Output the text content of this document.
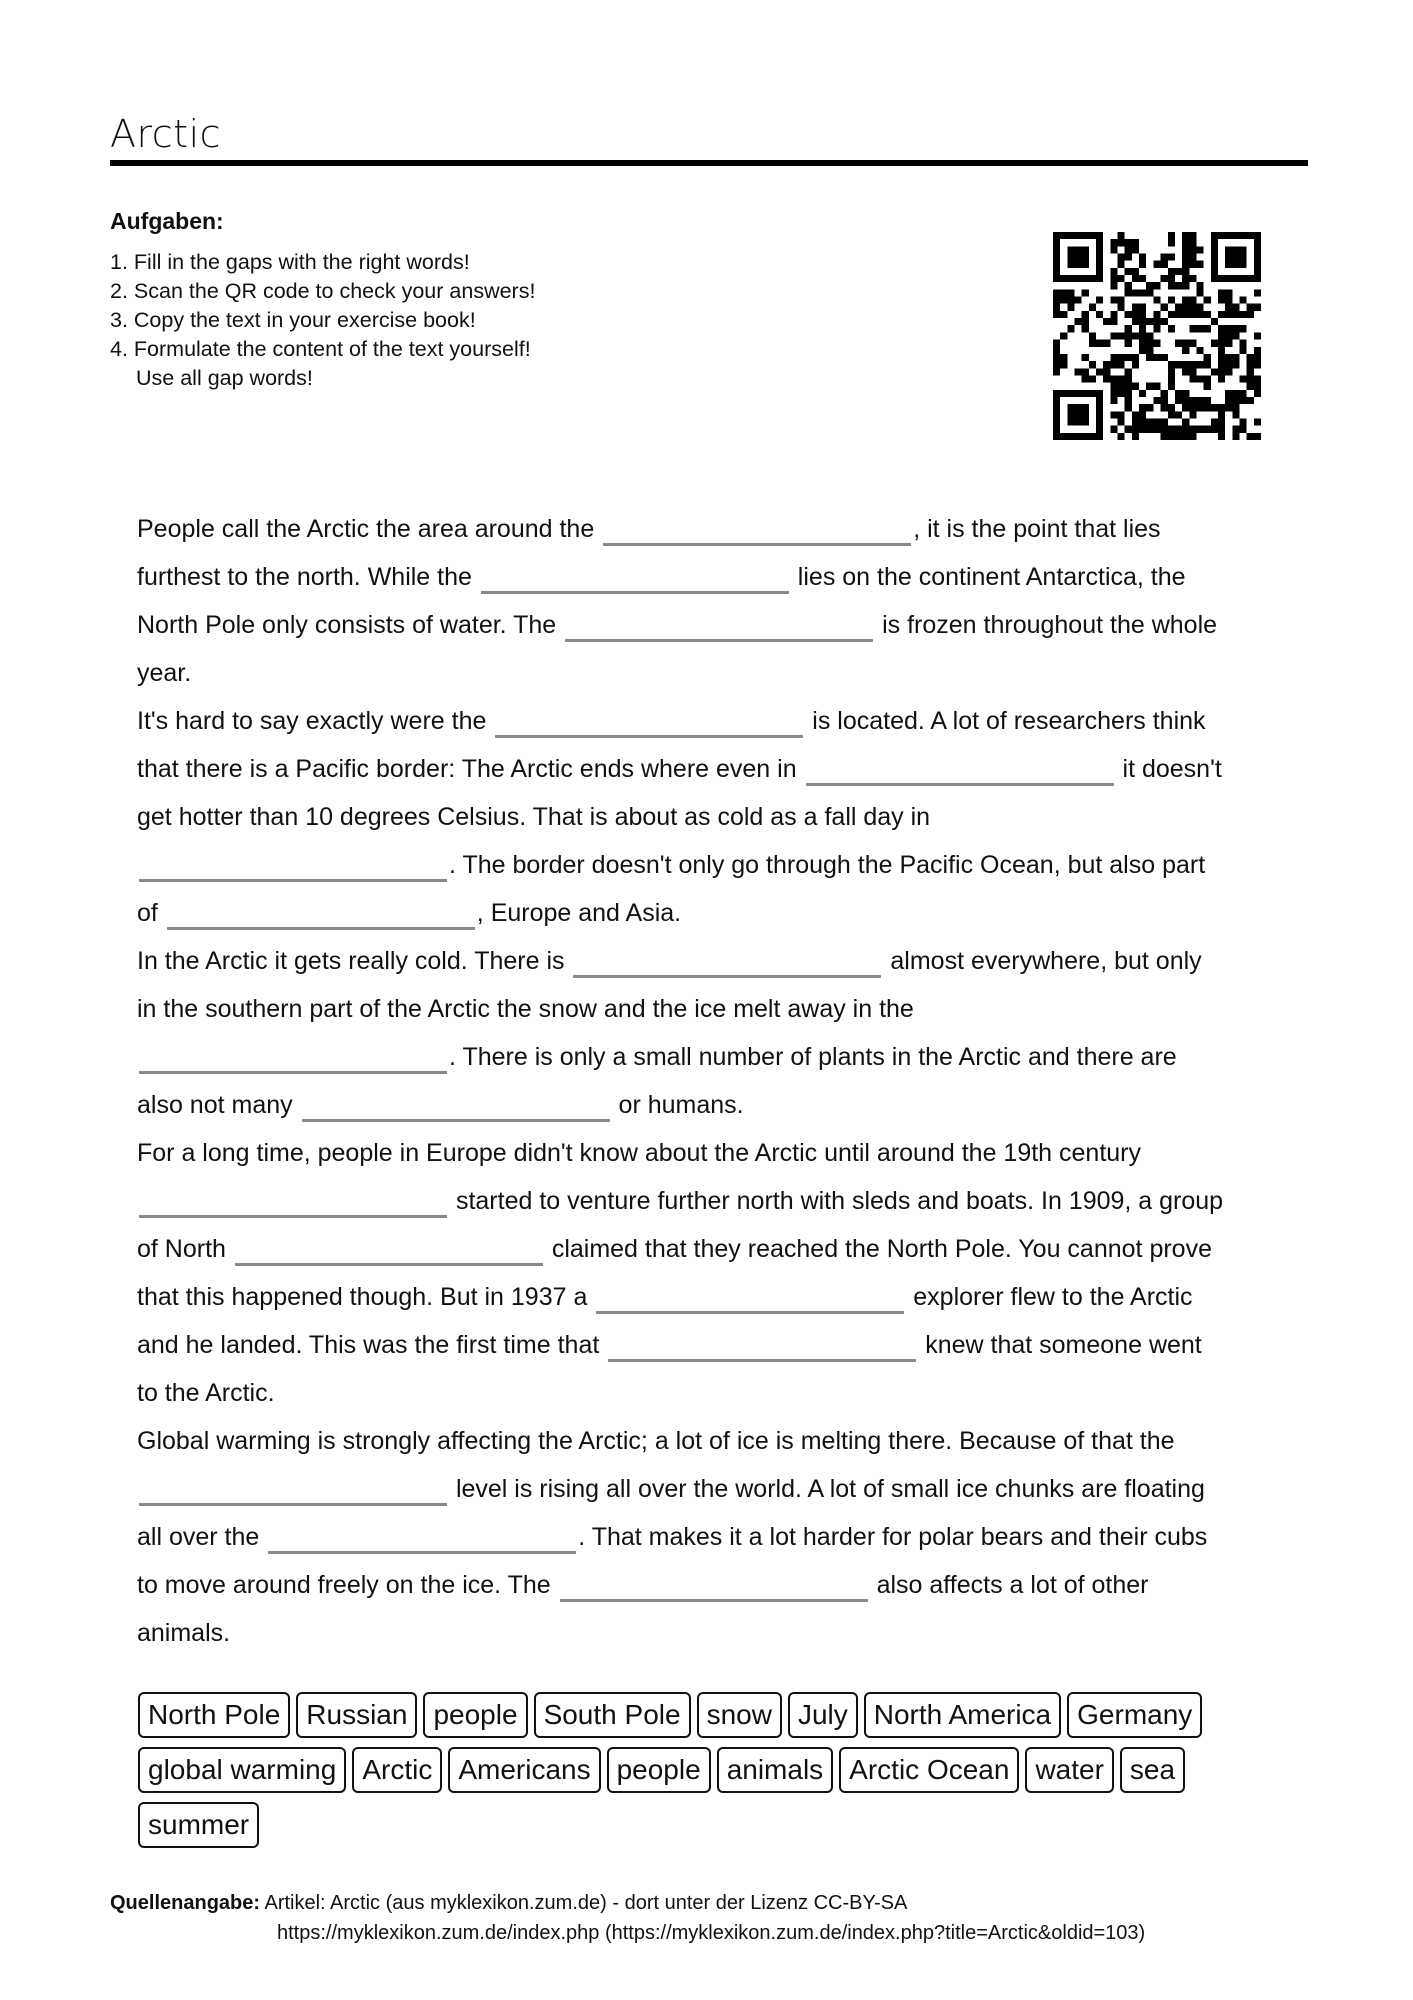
Arctic
Aufgaben:
1. Fill in the gaps with the right words!
2. Scan the QR code to check your answers!
3. Copy the text in your exercise book!
4. Formulate the content of the text yourself!
Use all gap words!
People call the Arctic the area around the	, it is the point that lies
furthest to the north. While the	lies on the continent Antarctica, the
North Pole only consists of water. The	is frozen throughout the whole
year.
It's hard to say exactly were the	is located. A lot of researchers think
that there is a Pacific border: The Arctic ends where even in	it doesn't
get hotter than 10 degrees Celsius. That is about as cold as a fall day in
. The border doesn't only go through the Pacific Ocean, but also part
of	, Europe and Asia.
In the Arctic it gets really cold. There is	almost everywhere, but only
in the southern part of the Arctic the snow and the ice melt away in the
. There is only a small number of plants in the Arctic and there are
also not many	or humans.
For a long time, people in Europe didn't know about the Arctic until around the 19th century
started to venture further north with sleds and boats. In 1909, a group
of North	claimed that they reached the North Pole. You cannot prove
that this happened though. But in 1937 a	explorer flew to the Arctic
and he landed. This was the first time that	knew that someone went
to the Arctic.
Global warming is strongly affecting the Arctic; a lot of ice is melting there. Because of that the
level is rising all over the world. A lot of small ice chunks are floating
all over the	. That makes it a lot harder for polar bears and their cubs
to move around freely on the ice. The	also affects a lot of other
animals.
North Pole Russian people South Pole snow July North America Germany
global warming Arctic Americans people animals Arctic Ocean water sea
summer
Quellenangabe: Artikel: Arctic (aus myklexikon.zum.de) - dort unter der Lizenz CC-BY-SA
https://myklexikon.zum.de/index.php (https://myklexikon.zum.de/index.php?title=Arctic&oldid=103)
